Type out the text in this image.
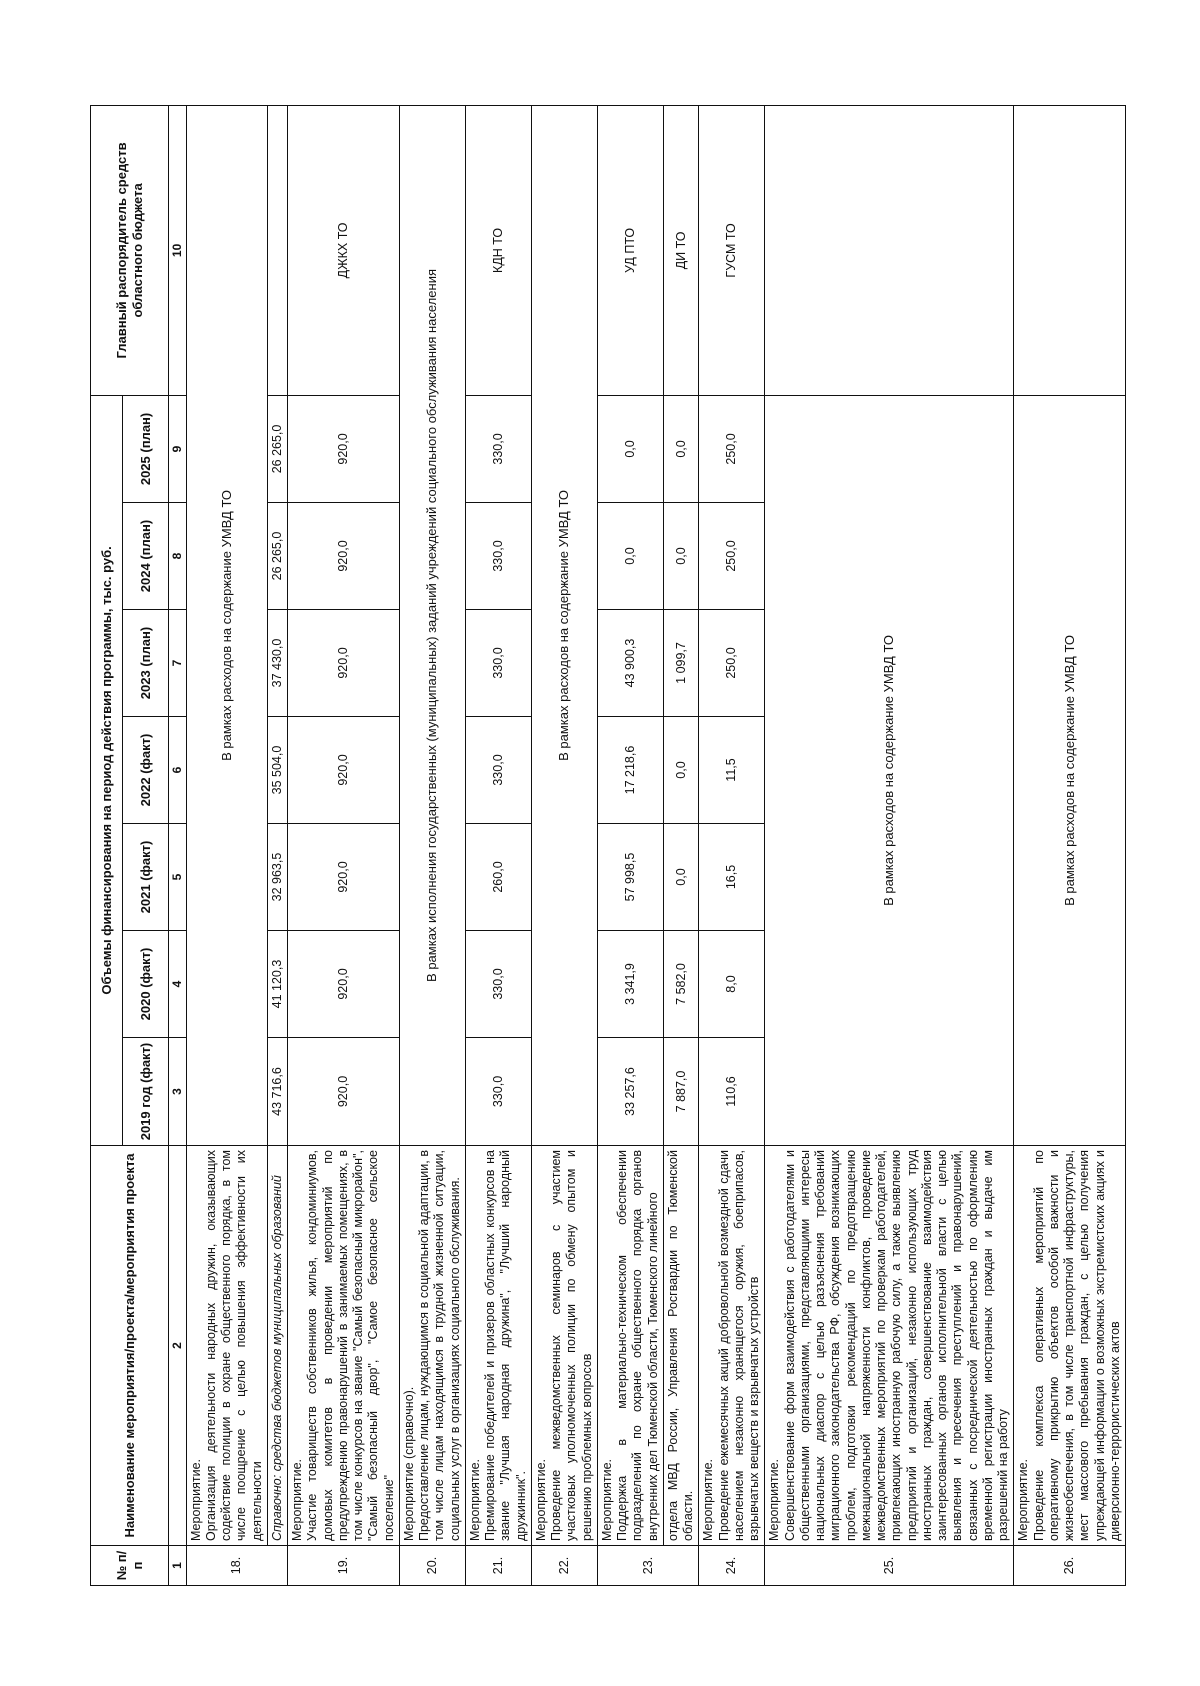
№ п/п	Наименование мероприятия/проекта/мероприятия проекта	Объемы финансирования на период действия программы, тыс. руб.							Главный распорядитель средств областного бюджета
		2019 год (факт)	2020 (факт)	2021 (факт)	2022 (факт)	2023 (план)	2024 (план)	2025 (план)	
1	2	3	4	5	6	7	8	9	10
18.	Мероприятие. Организация деятельности народных дружин, оказывающих содействие полиции в охране общественного порядка, в том числе поощрение с целью повышения эффективности их деятельности	В рамках расходов на содержание УМВД ТО							

	Справочно: средства бюджетов муниципальных образований	43 716,6	41 120,3	32 963,5	35 504,0	37 430,0	26 265,0	26 265,0	
19.	Мероприятие. Участие товариществ собственников жилья, кондоминиумов, домовых комитетов в проведении мероприятий по предупреждению правонарушений в занимаемых помещениях, в том числе конкурсов на звание "Самый безопасный микрорайон", "Самый безопасный двор", "Самое безопасное сельское поселение"	920,0	920,0	920,0	920,0	920,0	920,0	920,0	ДЖКХ ТО
20.	Мероприятие (справочно). Предоставление лицам, нуждающимся в социальной адаптации, в том числе лицам находящимся в трудной жизненной ситуации, социальных услуг в организациях социального обслуживания.	В рамках исполнения государственных (муниципальных) заданий учреждений социального обслуживания населения							
21.	Мероприятие. Премирование победителей и призеров областных конкурсов на звание "Лучшая народная дружина", "Лучший народный дружинник".	330,0	330,0	260,0	330,0	330,0	330,0	330,0	КДН ТО
22.	Мероприятие. Проведение межведомственных семинаров с участием участковых уполномоченных полиции по обмену опытом и решению проблемных вопросов	В рамках расходов на содержание УМВД ТО							
23.	Мероприятие. Поддержка в материально-техническом обеспечении подразделений по охране общественного порядка органов внутренних дел Тюменской области, Тюменского линейного	33 257,6	3 341,9	57 998,5	17 218,6	43 900,3	0,0	0,0	УД ПТО
	отдела МВД России, Управления Росгвардии по Тюменской области.	7 887,0	7 582,0	0,0	0,0	1 099,7	0,0	0,0	ДИ ТО
24.	Мероприятие. Проведение ежемесячных акций добровольной возмездной сдачи населением незаконно хранящегося оружия, боеприпасов, взрывчатых веществ и взрывчатых устройств	110,6	8,0	16,5	11,5	250,0	250,0	250,0	ГУСМ ТО
25.	Мероприятие. Совершенствование форм взаимодействия с работодателями и общественными организациями, представляющими интересы национальных диаспор с целью разъяснения требований миграционного законодательства РФ, обсуждения возникающих проблем, подготовки рекомендаций по предотвращению межнациональной напряженности конфликтов, проведение межведомственных мероприятий по проверкам работодателей, привлекающих иностранную рабочую силу, а также выявлению предприятий и организаций, незаконно использующих труд иностранных граждан, совершенствование взаимодействия заинтересованных органов исполнительной власти с целью выявления и пресечения преступлений и правонарушений, связанных с посреднической деятельностью по оформлению временной регистрации иностранных граждан и выдаче им разрешений на работу	В рамках расходов на содержание УМВД ТО							
26.	Мероприятие. Проведение комплекса оперативных мероприятий по оперативному прикрытию объектов особой важности и жизнеобеспечения, в том числе транспортной инфраструктуры, мест массового пребывания граждан, с целью получения упреждающей информации о возможных экстремистских акциях и диверсионно-террористических актов	В рамках расходов на содержание УМВД ТО							
